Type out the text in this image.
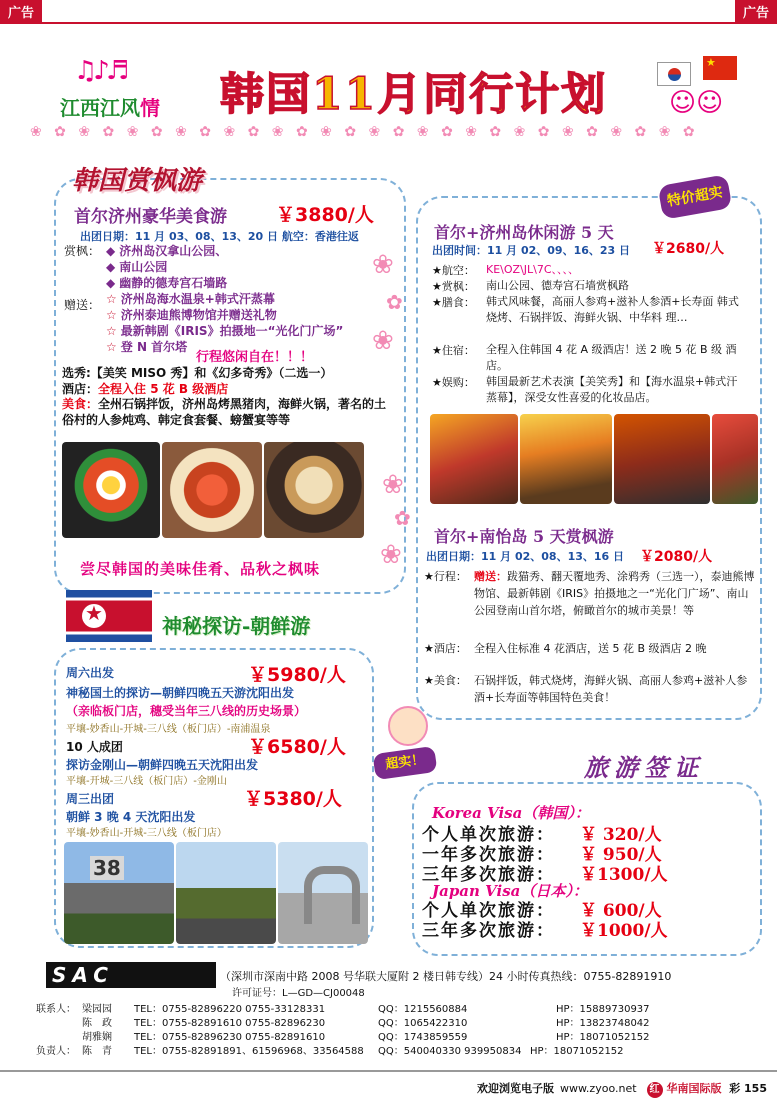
广告	广告
♫♪♬
江西江风情 韩国11月同行计划
★
☺☺
❀ ✿ ❀ ✿ ❀ ✿ ❀ ✿ ❀ ✿ ❀ ✿ ❀ ✿ ❀ ✿ ❀ ✿ ❀ ✿ ❀ ✿ ❀ ✿ ❀ ✿ ❀ ✿
韩国赏枫游
首尔济州豪华美食游	￥3880/人
出团日期：11 月 03、08、13、20 日 航空：香港往返
赏枫： ◆ 济州岛汉拿山公园、
◆ 南山公园
◆ 幽静的德寿宫石墙路
赠送： ☆ 济州岛海水温泉+韩式汗蒸幕
☆ 济州泰迪熊博物馆并赠送礼物
☆ 最新韩剧《IRIS》拍摄地一“光化门广场”
☆ 登 N 首尔塔
行程悠闲自在！！！
选秀:【美笑 MISO 秀】和《幻多奇秀》（二选一）
酒店：全程入住 5 花 B 级酒店
美食：全州石锅拌饭，济州岛烤黑猪肉，海鲜火锅，著名的土俗村的人参炖鸡、韩定食套餐、螃蟹宴等等
尝尽韩国的美味佳肴、品秋之枫味
❀
✿
❀
特价超实
首尔+济州岛休闲游 5 天
出团时间：11 月 02、09、16、23 日 ￥2680/人
★航空： KE\OZ\JL\7C、、、、
★赏枫： 南山公园、德寿宫石墙赏枫路
★膳食： 韩式风味餐，高丽人参鸡+滋补人参酒+长寿面 韩式烧烤、石锅拌饭、海鲜火锅、中华料 理…
★住宿： 全程入住韩国 4 花 A 级酒店！送 2 晚 5 花 B 级 酒店。
★娱购： 韩国最新艺术表演【美笑秀】和【海水温泉+韩式汗蒸幕】，深受女性喜爱的化妆品店。
首尔+南怡岛 5 天赏枫游
出团日期：11 月 02、08、13、16 日 ￥2080/人
★行程： 赠送：跋猫秀、翻天覆地秀、涂鸦秀（三选一），泰迪熊博物馆、最新韩剧《IRIS》拍摄地之一“光化门广场”、南山公园登南山首尔塔，俯瞰首尔的城市美景！等
★酒店： 全程入住标准 4 花酒店，送 5 花 B 级酒店 2 晚
★美食： 石锅拌饭，韩式烧烤，海鲜火锅、高丽人参鸡+滋补人参酒+长寿面等韩国特色美食！
❀
✿
❀
★
神秘探访-朝鲜游
周六出发	￥5980/人
神秘国土的探访—朝鲜四晚五天游沈阳出发
（亲临板门店，穗受当年三八线的历史场景）
平壤-妙香山-开城-三八线（板门店）-南浦温泉
10 人成团	￥6580/人
探访金刚山—朝鲜四晚五天沈阳出发
平壤-开城-三八线（板门店）-金刚山
周三出团	￥5380/人
朝鲜 3 晚 4 天沈阳出发
平壤-妙香山-开城-三八线（板门店）
38
超实！	旅游签证
Korea Visa（韩国）：
个人单次旅游： ￥ 320/人
一年多次旅游： ￥ 950/人
三年多次旅游： ￥1300/人
Japan Visa（日本）：
个人单次旅游： ￥ 600/人
三年多次旅游： ￥1000/人
SAC	（深圳市深南中路 2008 号华联大厦附 2 楼日韩专线）24 小时传真热线：0755-82891910
许可证号：L—GD—CJ00048
联系人： 梁园园 TEL：0755-82896220 0755-33128331	QQ：1215560884	HP：15889730937
陈　政 TEL：0755-82891610 0755-82896230	QQ：1065422310	HP：13823748042
胡雅娴 TEL：0755-82896230 0755-82891610	QQ：1743859559	HP：18071052152
负责人： 陈　青 TEL：0755-82891891、61596968、33564588 QQ：540040330 939950834 HP：18071052152
欢迎浏览电子版 www.zyoo.net 红 华南国际版 彩 155
